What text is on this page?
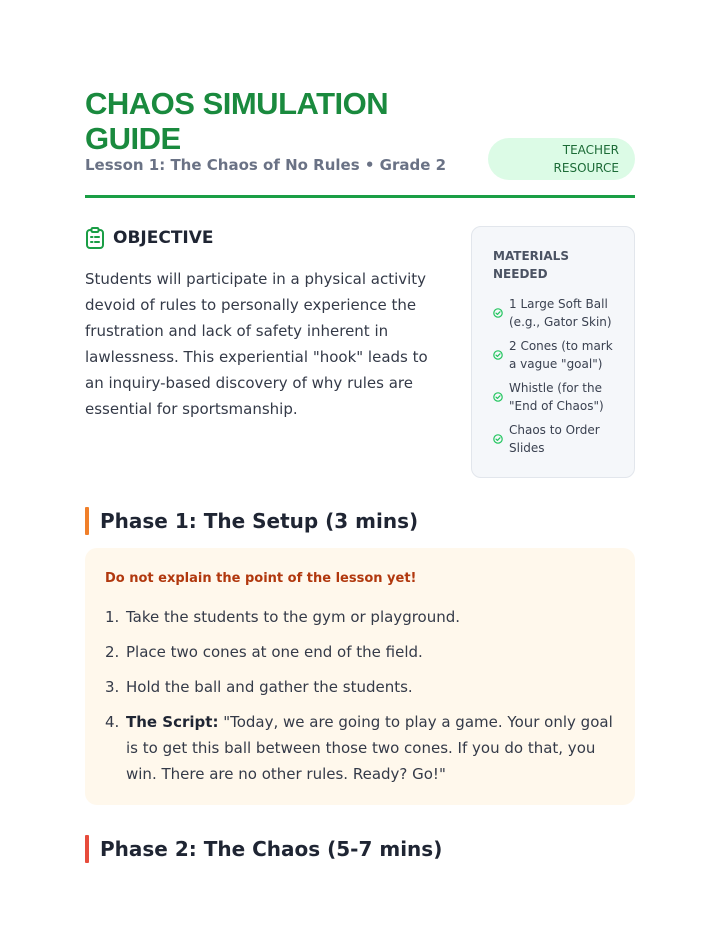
CHAOS SIMULATION GUIDE
Lesson 1: The Chaos of No Rules • Grade 2
TEACHER
RESOURCE
OBJECTIVE

Students will participate in a physical activity devoid of rules to personally experience the frustration and lack of safety inherent in lawlessness. This experiential "hook" leads to an inquiry-based discovery of why rules are essential for sportsmanship.

MATERIALS NEEDED
1 Large Soft Ball (e.g., Gator Skin)
2 Cones (to mark a vague "goal")
Whistle (for the "End of Chaos")
Chaos to Order Slides
Phase 1: The Setup (3 mins)
Do not explain the point of the lesson yet!
1. Take the students to the gym or playground.
2. Place two cones at one end of the field.
3. Hold the ball and gather the students.
4. The Script: "Today, we are going to play a game. Your only goal is to get this ball between those two cones. If you do that, you win. There are no other rules. Ready? Go!"
Phase 2: The Chaos (5-7 mins)
